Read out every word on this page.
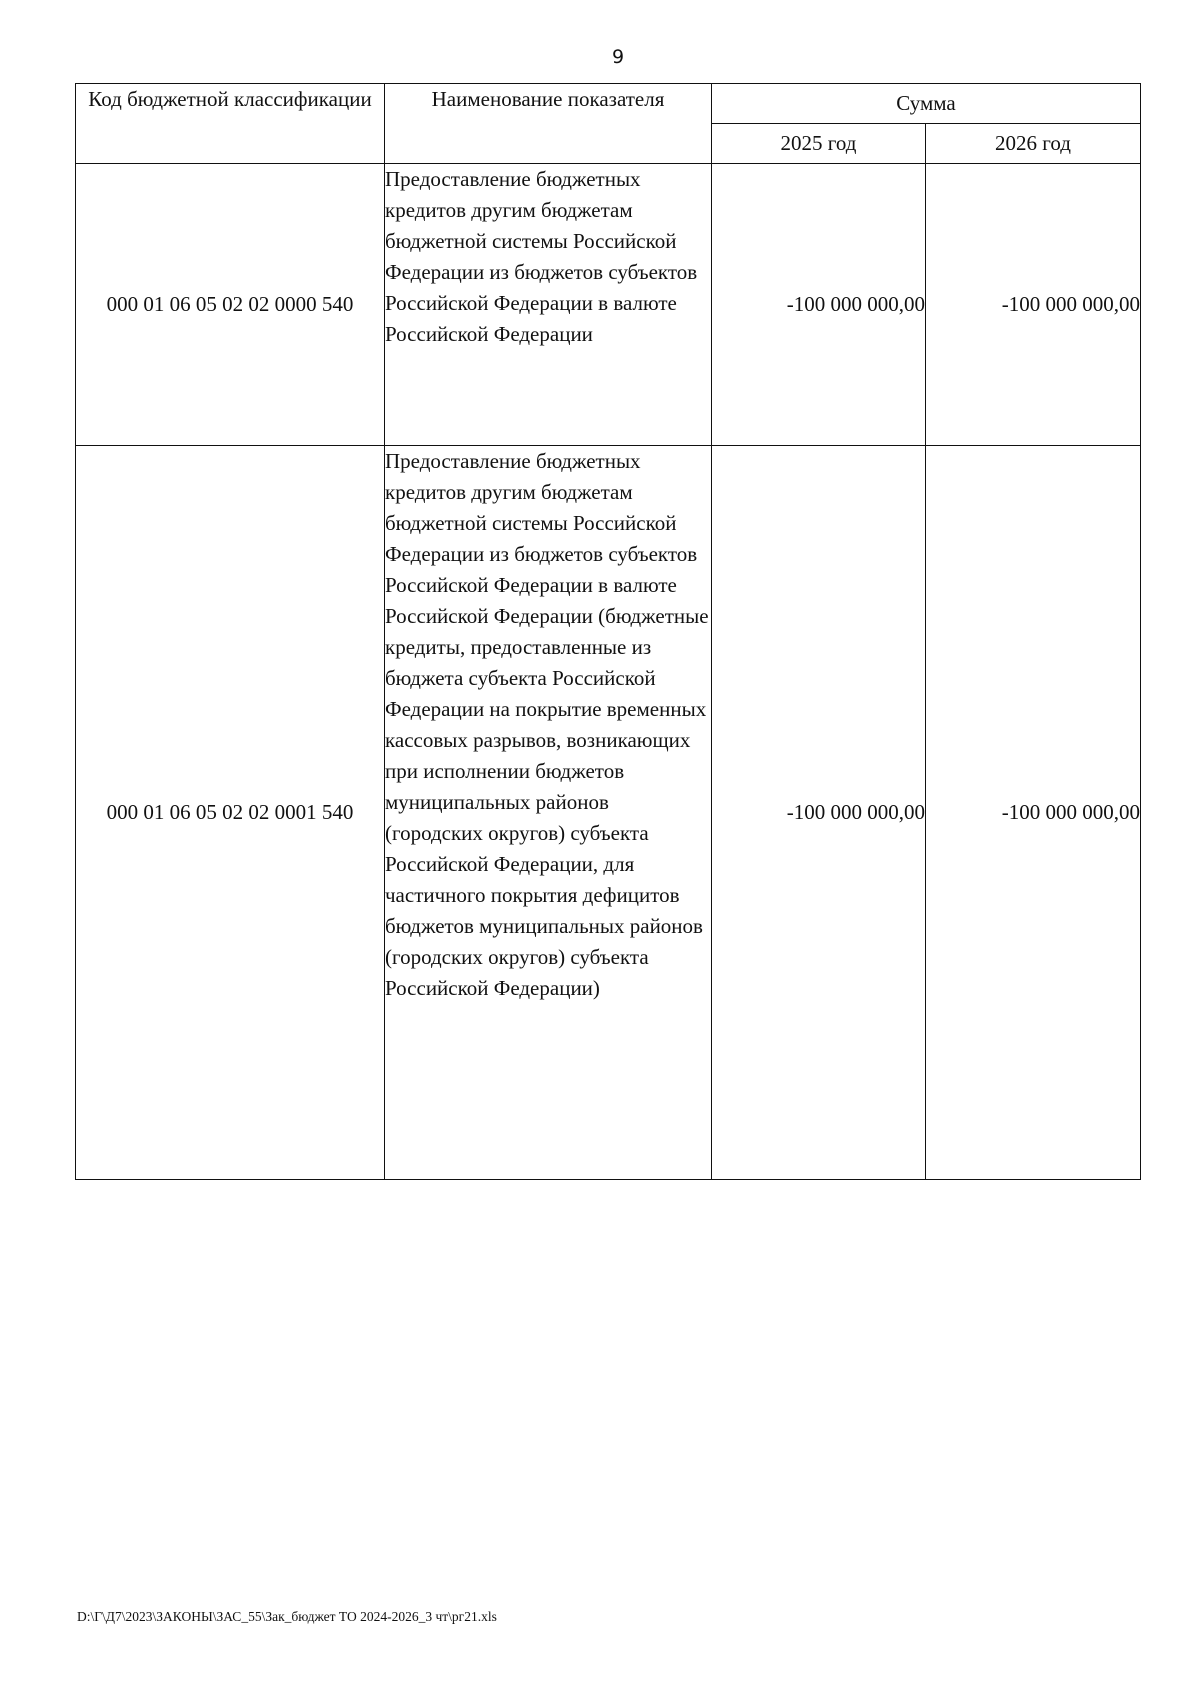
9
Код бюджетной классификации	Наименование показателя	Сумма	
		2025 год	2026 год
000 01 06 05 02 02 0000 540	Предоставление бюджетных кредитов другим бюджетам бюджетной системы Российской Федерации из бюджетов субъектов Российской Федерации в валюте Российской Федерации	-100 000 000,00	-100 000 000,00
000 01 06 05 02 02 0001 540	Предоставление бюджетных кредитов другим бюджетам бюджетной системы Российской Федерации из бюджетов субъектов Российской Федерации в валюте Российской Федерации (бюджетные кредиты, предоставленные из бюджета субъекта Российской Федерации на покрытие временных кассовых разрывов, возникающих при исполнении бюджетов муниципальных районов (городских округов) субъекта Российской Федерации, для частичного покрытия дефицитов бюджетов муниципальных районов (городских округов) субъекта Российской Федерации)	-100 000 000,00	-100 000 000,00
D:\Г\Д7\2023\ЗАКОНЫ\ЗАС_55\Зак_бюджет ТО 2024-2026_3 чт\рг21.xls
